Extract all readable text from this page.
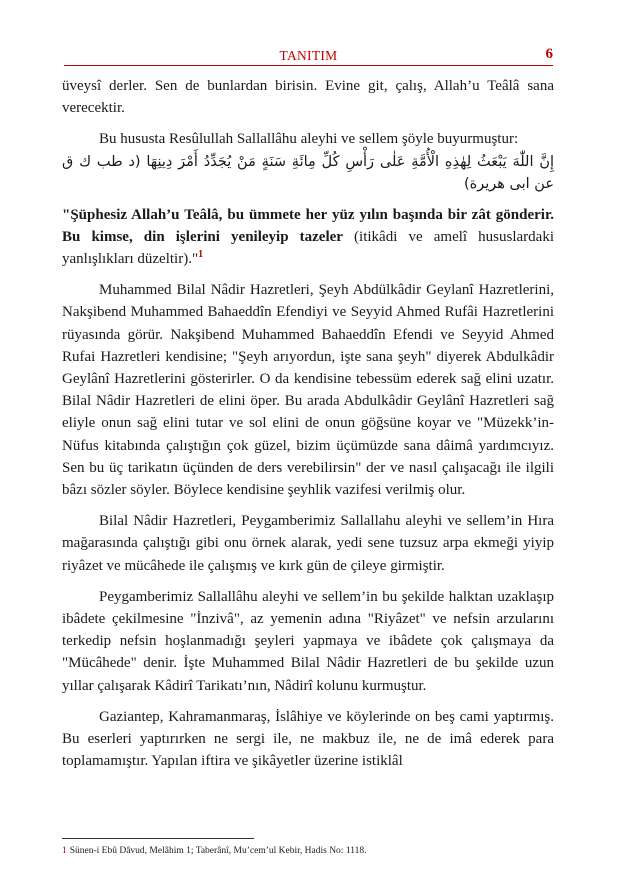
TANITIM	6

üveysî derler. Sen de bunlardan birisin. Evine git, çalış, Allah’u Teâlâ sana verecektir.

Bu hususta Resûlullah Sallallâhu aleyhi ve sellem şöyle buyurmuştur:

إِنَّ اللّٰهَ يَبْعَثُ لِهٰذِهِ الْأُمَّةِ عَلٰى رَأْسِ كُلِّ مِائَةِ سَنَةٍ مَنْ يُجَدِّدُ أَمْرَ دِينِهَا (د طب ك ق عن ابى هريرة)

"Şüphesiz Allah’u Teâlâ, bu ümmete her yüz yılın başında bir zât gönderir. Bu kimse, din işlerini yenileyip tazeler (itikâdi ve amelî hususlardaki yanlışlıkları düzeltir)."$^1$

Muhammed Bilal Nâdir Hazretleri, Şeyh Abdülkâdir Geylanî Hazretlerini, Nakşibend Muhammed Bahaeddîn Efendiyi ve Seyyid Ahmed Rufâi Hazretlerini rüyasında görür. Nakşibend Muhammed Bahaeddîn Efendi ve Seyyid Ahmed Rufai Hazretleri kendisine; "Şeyh arıyordun, işte sana şeyh" diyerek Abdulkâdir Geylânî Hazretlerini gösterirler. O da kendisine tebessüm ederek sağ elini uzatır. Bilal Nâdir Hazretleri de elini öper. Bu arada Abdulkâdir Geylânî Hazretleri sağ eliyle onun sağ elini tutar ve sol elini de onun göğsüne koyar ve "Müzekk’in-Nüfus kitabında çalıştığın çok güzel, bizim üçümüzde sana dâimâ yardımcıyız. Sen bu üç tarikatın üçünden de ders verebilirsin" der ve nasıl çalışacağı ile ilgili bâzı sözler söyler. Böylece kendisine şeyhlik vazifesi verilmiş olur.

Bilal Nâdir Hazretleri, Peygamberimiz Sallallahu aleyhi ve sellem’in Hıra mağarasında çalıştığı gibi onu örnek alarak, yedi sene tuzsuz arpa ekmeği yiyip riyâzet ve mücâhede ile çalışmış ve kırk gün de çileye girmiştir.

Peygamberimiz Sallallâhu aleyhi ve sellem’in bu şekilde halktan uzaklaşıp ibâdete çekilmesine "İnzivâ", az yemenin adına "Riyâzet" ve nefsin arzularını terkedip nefsin hoşlanmadığı şeyleri yapmaya ve ibâdete çok çalışmaya da "Mücâhede" denir. İşte Muhammed Bilal Nâdir Hazretleri de bu şekilde uzun yıllar çalışarak Kâdirî Tarikatı’nın, Nâdirî kolunu kurmuştur.

Gaziantep, Kahramanmaraş, İslâhiye ve köylerinde on beş cami yaptırmış. Bu eserleri yaptırırken ne sergi ile, ne makbuz ile, ne de imâ ederek para toplamamıştır. Yapılan iftira ve şikâyetler üzerine istiklâl

1 Sünen-i Ebû Dâvud, Melâhim 1; Taberânî, Mu’cem’ul Kebir, Hadis No: 1118.
